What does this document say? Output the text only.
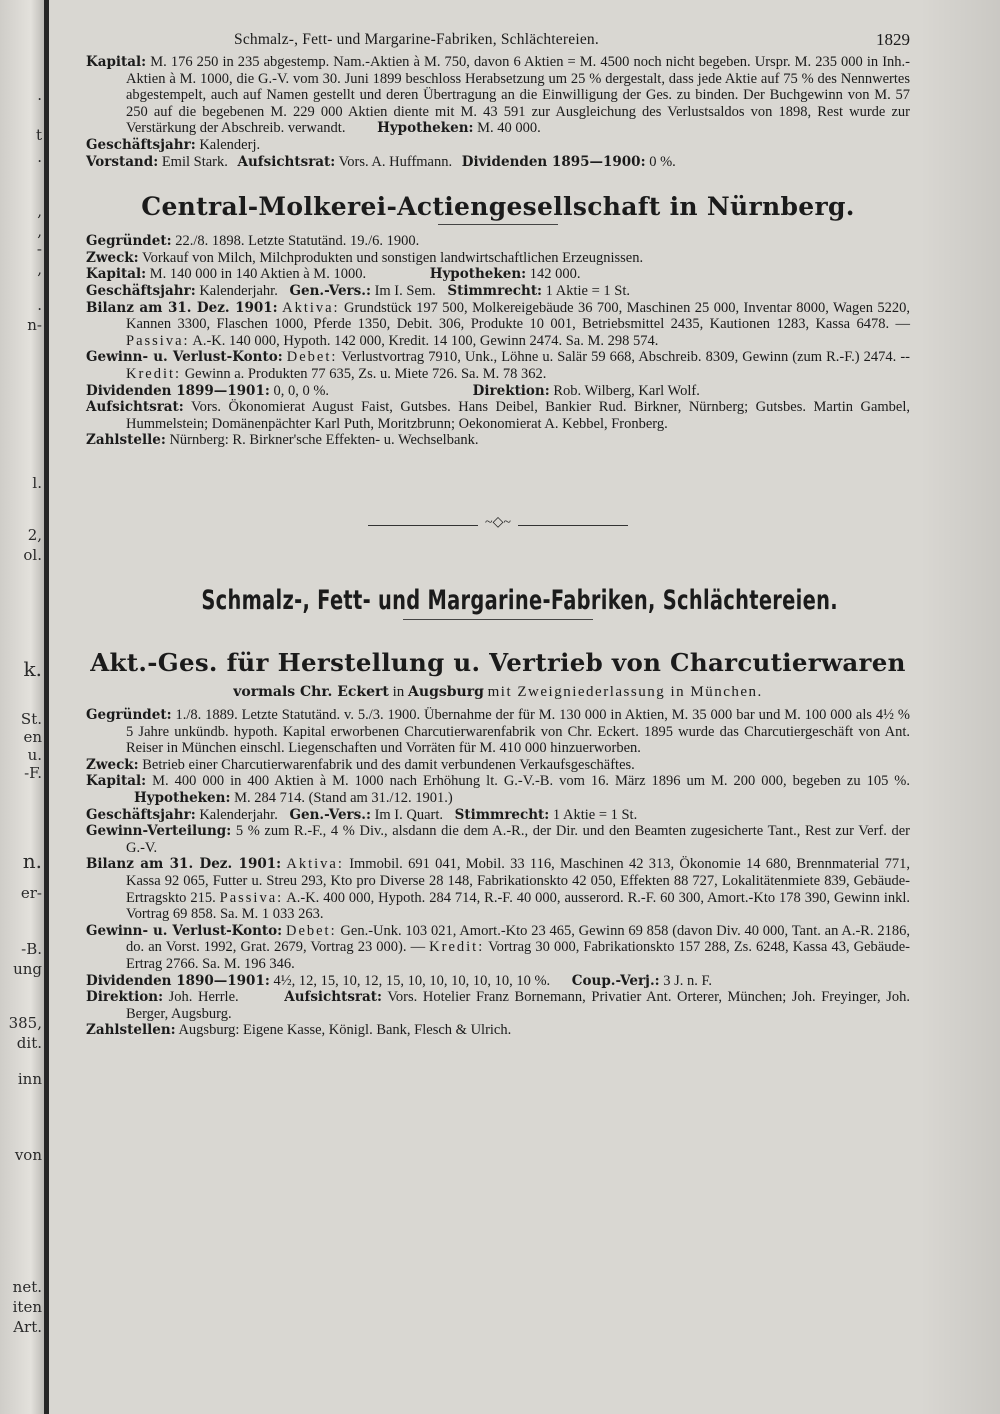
.
t
.
,
,
-
,
.
n-
l.
2,
ol.
k.
St.
en
u.
-F.
n.
er-
-B.
ung
385,
dit.
inn
von
net.
iten
Art.
Schmalz-, Fett- und Margarine-Fabriken, Schlächtereien.	1829

Kapital: M. 176 250 in 235 abgestemp. Nam.-Aktien à M. 750, davon 6 Aktien = M. 4500 noch nicht begeben. Urspr. M. 235 000 in Inh.-Aktien à M. 1000, die G.-V. vom 30. Juni 1899 beschloss Herabsetzung um 25 % dergestalt, dass jede Aktie auf 75 % des Nennwertes abgestempelt, auch auf Namen gestellt und deren Übertragung an die Einwilligung der Ges. zu binden. Der Buchgewinn von M. 57 250 auf die begebenen M. 229 000 Aktien diente mit M. 43 591 zur Ausgleichung des Verlustsaldos von 1898, Rest wurde zur Verstärkung der Abschreib. verwandt. Hypotheken: M. 40 000.

Geschäftsjahr: Kalenderj.

Vorstand: Emil Stark. Aufsichtsrat: Vors. A. Huffmann. Dividenden 1895—1900: 0 %.

Central-Molkerei-Actiengesellschaft in Nürnberg.

Gegründet: 22./8. 1898. Letzte Statutänd. 19./6. 1900.

Zweck: Vorkauf von Milch, Milchprodukten und sonstigen landwirtschaftlichen Erzeugnissen.

Kapital: M. 140 000 in 140 Aktien à M. 1000.	Hypotheken: 142 000.

Geschäftsjahr: Kalenderjahr. Gen.-Vers.: Im I. Sem. Stimmrecht: 1 Aktie = 1 St.

Bilanz am 31. Dez. 1901: Aktiva: Grundstück 197 500, Molkereigebäude 36 700, Maschinen 25 000, Inventar 8000, Wagen 5220, Kannen 3300, Flaschen 1000, Pferde 1350, Debit. 306, Produkte 10 001, Betriebsmittel 2435, Kautionen 1283, Kassa 6478. — Passiva: A.-K. 140 000, Hypoth. 142 000, Kredit. 14 100, Gewinn 2474. Sa. M. 298 574.

Gewinn- u. Verlust-Konto: Debet: Verlustvortrag 7910, Unk., Löhne u. Salär 59 668, Abschreib. 8309, Gewinn (zum R.-F.) 2474. -- Kredit: Gewinn a. Produkten 77 635, Zs. u. Miete 726. Sa. M. 78 362.

Dividenden 1899—1901: 0, 0, 0 %.	Direktion: Rob. Wilberg, Karl Wolf.

Aufsichtsrat: Vors. Ökonomierat August Faist, Gutsbes. Hans Deibel, Bankier Rud. Birkner, Nürnberg; Gutsbes. Martin Gambel, Hummelstein; Domänenpächter Karl Puth, Moritzbrunn; Oekonomierat A. Kebbel, Fronberg.

Zahlstelle: Nürnberg: R. Birkner'sche Effekten- u. Wechselbank.

~◇~
Schmalz-, Fett- und Margarine-Fabriken, Schlächtereien.
Akt.-Ges. für Herstellung u. Vertrieb von Charcutierwaren

vormals Chr. Eckert in Augsburg mit Zweigniederlassung in München.

Gegründet: 1./8. 1889. Letzte Statutänd. v. 5./3. 1900. Übernahme der für M. 130 000 in Aktien, M. 35 000 bar und M. 100 000 als 4½ % 5 Jahre unkündb. hypoth. Kapital erworbenen Charcutierwarenfabrik von Chr. Eckert. 1895 wurde das Charcutiergeschäft von Ant. Reiser in München einschl. Liegenschaften und Vorräten für M. 410 000 hinzuerworben.

Zweck: Betrieb einer Charcutierwarenfabrik und des damit verbundenen Verkaufsgeschäftes.

Kapital: M. 400 000 in 400 Aktien à M. 1000 nach Erhöhung lt. G.-V.-B. vom 16. März 1896 um M. 200 000, begeben zu 105 %. Hypotheken: M. 284 714. (Stand am 31./12. 1901.)

Geschäftsjahr: Kalenderjahr. Gen.-Vers.: Im I. Quart. Stimmrecht: 1 Aktie = 1 St.

Gewinn-Verteilung: 5 % zum R.-F., 4 % Div., alsdann die dem A.-R., der Dir. und den Beamten zugesicherte Tant., Rest zur Verf. der G.-V.

Bilanz am 31. Dez. 1901: Aktiva: Immobil. 691 041, Mobil. 33 116, Maschinen 42 313, Ökonomie 14 680, Brennmaterial 771, Kassa 92 065, Futter u. Streu 293, Kto pro Diverse 28 148, Fabrikationskto 42 050, Effekten 88 727, Lokalitätenmiete 839, Gebäude-Ertragskto 215. Passiva: A.-K. 400 000, Hypoth. 284 714, R.-F. 40 000, ausserord. R.-F. 60 300, Amort.-Kto 178 390, Gewinn inkl. Vortrag 69 858. Sa. M. 1 033 263.

Gewinn- u. Verlust-Konto: Debet: Gen.-Unk. 103 021, Amort.-Kto 23 465, Gewinn 69 858 (davon Div. 40 000, Tant. an A.-R. 2186, do. an Vorst. 1992, Grat. 2679, Vortrag 23 000). — Kredit: Vortrag 30 000, Fabrikationskto 157 288, Zs. 6248, Kassa 43, Gebäude-Ertrag 2766. Sa. M. 196 346.

Dividenden 1890—1901: 4½, 12, 15, 10, 12, 15, 10, 10, 10, 10, 10, 10 %. Coup.-Verj.: 3 J. n. F.

Direktion: Joh. Herrle.	Aufsichtsrat: Vors. Hotelier Franz Bornemann, Privatier Ant. Orterer, München; Joh. Freyinger, Joh. Berger, Augsburg.

Zahlstellen: Augsburg: Eigene Kasse, Königl. Bank, Flesch & Ulrich.
